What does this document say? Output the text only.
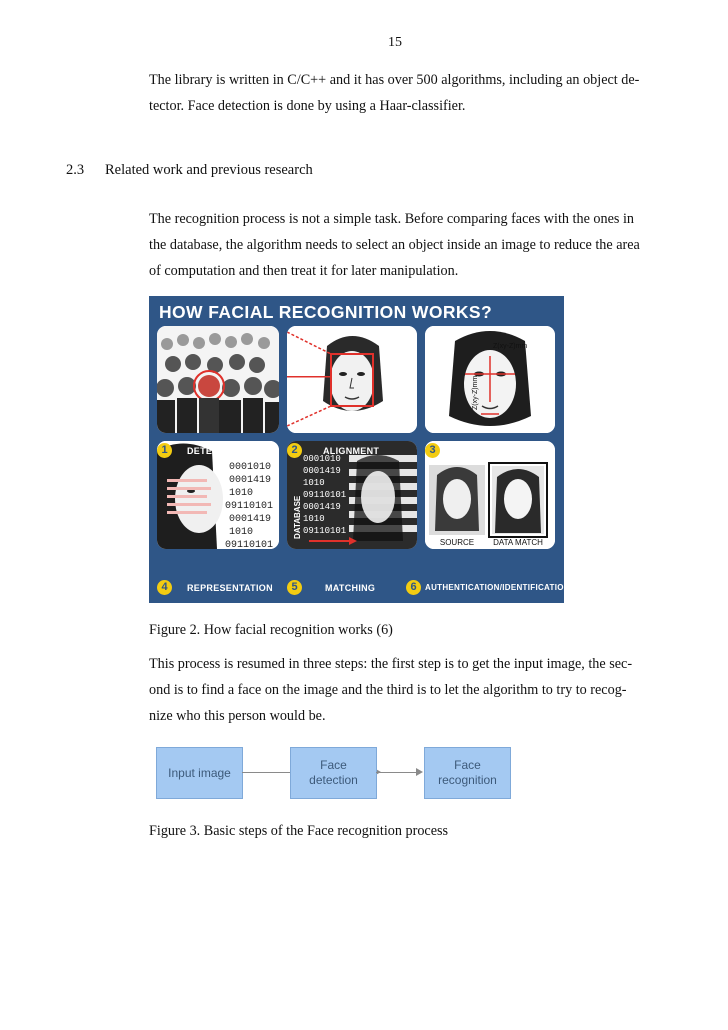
15
The library is written in C/C++ and it has over 500 algorithms, including an object de-
tector. Face detection is done by using a Haar-classifier.
2.3 Related work and previous research
The recognition process is not a simple task. Before comparing faces with the ones in
the database, the algorithm needs to select an object inside an image to reduce the area
of computation and then treat it for later manipulation.
HOW FACIAL RECOGNITION WORKS?
Z(xy-Z)mm
Z(xy-Z)mm
0001010
0001419
1010
09110101
0001419
1010
09110101
DATABASE
0001010
0001419
1010
09110101
0001419
1010
09110101
SOURCE DATA MATCH
1	DETECTION	2	ALIGNMENT	3	MEASUREMENT
4	REPRESENTATION	5	MATCHING	6	AUTHENTICATION/IDENTIFICATION
Figure 2. How facial recognition works (6)
This process is resumed in three steps: the first step is to get the input image, the sec-
ond is to find a face on the image and the third is to let the algorithm to try to recog-
nize who this person would be.
Input image
Face
detection
Face
recognition
Figure 3. Basic steps of the Face recognition process
